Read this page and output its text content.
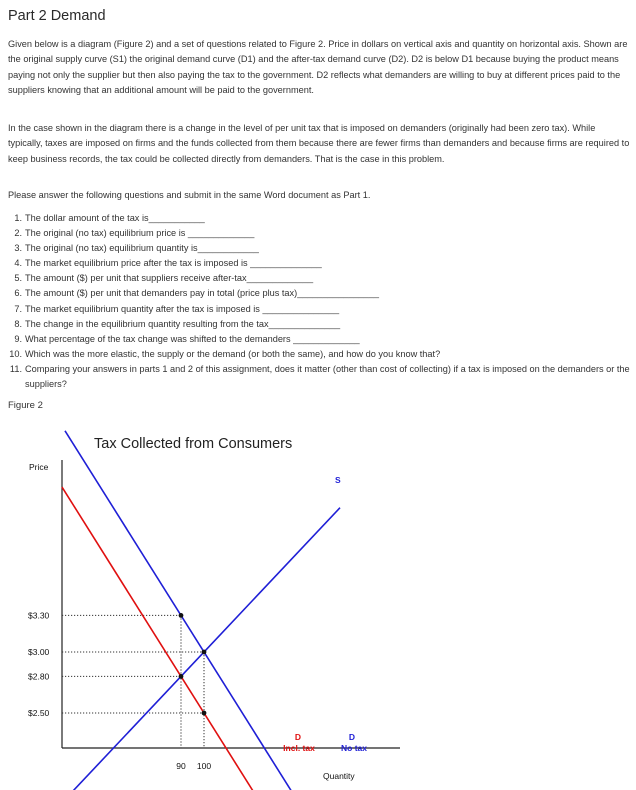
Part 2 Demand

Given below is a diagram (Figure 2) and a set of questions related to Figure 2. Price in dollars on vertical axis and quantity on horizontal axis. Shown are the original supply curve (S1) the original demand curve (D1) and the after-tax demand curve (D2). D2 is below D1 because buying the product means paying not only the supplier but then also paying the tax to the government. D2 reflects what demanders are willing to buy at different prices paid to the suppliers knowing that an additional amount will be paid to the government.

In the case shown in the diagram there is a change in the level of per unit tax that is imposed on demanders (originally had been zero tax). While typically, taxes are imposed on firms and the funds collected from them because there are fewer firms than demanders and because firms are required to keep business records, the tax could be collected directly from demanders. That is the case in this problem.

Please answer the following questions and submit in the same Word document as Part 1.

1. The dollar amount of the tax is___________
2. The original (no tax) equilibrium price is _____________
3. The original (no tax) equilibrium quantity is____________
4. The market equilibrium price after the tax is imposed is ______________
5. The amount ($) per unit that suppliers receive after-tax_____________
6. The amount ($) per unit that demanders pay in total (price plus tax)________________
7. The market equilibrium quantity after the tax is imposed is _______________
8. The change in the equilibrium quantity resulting from the tax______________
9. What percentage of the tax change was shifted to the demanders _____________
10. Which was the more elastic, the supply or the demand (or both the same), and how do you know that?
11. Comparing your answers in parts 1 and 2 of this assignment, does it matter (other than cost of collecting) if a tax is imposed on the demanders or the suppliers?

Figure 2

Tax Collected from Consumers
Price
Quantity
$3.30
$3.00
$2.80
$2.50
90 100
S
D
No tax
D
Incl. tax
